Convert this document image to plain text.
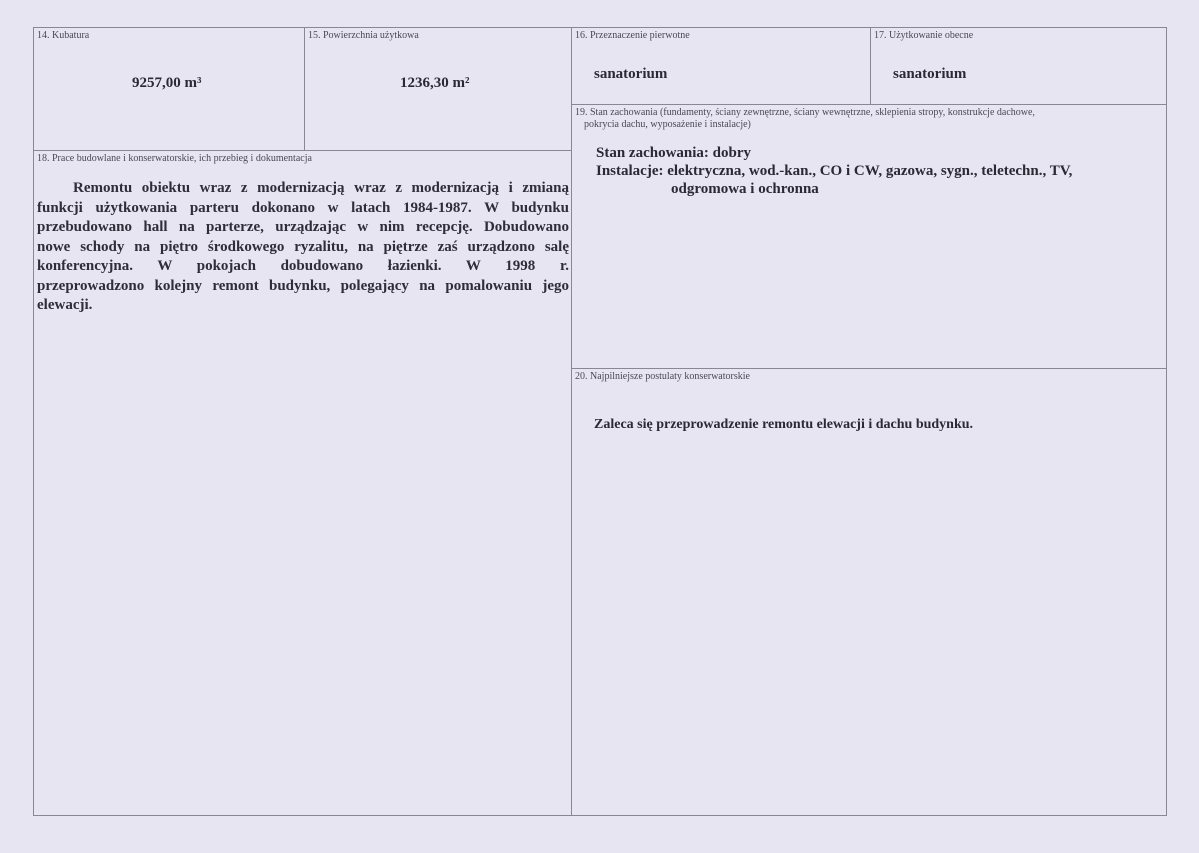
14. Kubatura
9257,00 m³
15. Powierzchnia użytkowa
1236,30 m²
16. Przeznaczenie pierwotne
sanatorium
17. Użytkowanie obecne
sanatorium
18. Prace budowlane i konserwatorskie, ich przebieg i dokumentacja
Remontu obiektu wraz z modernizacją wraz z modernizacją i zmianą
funkcji użytkowania parteru dokonano w latach 1984-1987. W budynku
przebudowano hall na parterze, urządzając w nim recepcję. Dobudowano
nowe schody na piętro środkowego ryzalitu, na piętrze zaś urządzono salę
konferencyjna. W pokojach dobudowano łazienki. W 1998 r.
przeprowadzono kolejny remont budynku, polegający na pomalowaniu jego
elewacji.
19. Stan zachowania (fundamenty, ściany zewnętrzne, ściany wewnętrzne, sklepienia stropy, konstrukcje dachowe,
pokrycia dachu, wyposażenie i instalacje)
Stan zachowania: dobry
Instalacje: elektryczna, wod.-kan., CO i CW, gazowa, sygn., teletechn., TV,
odgromowa i ochronna
20. Najpilniejsze postulaty konserwatorskie
Zaleca się przeprowadzenie remontu elewacji i dachu budynku.
